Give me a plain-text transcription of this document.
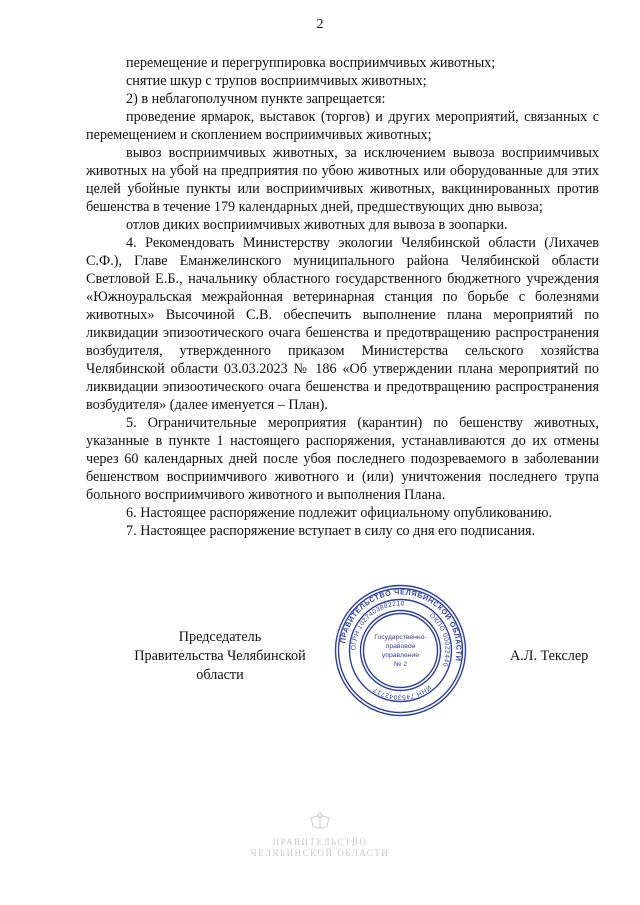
2

перемещение и перегруппировка восприимчивых животных;

снятие шкур с трупов восприимчивых животных;

2) в неблагополучном пункте запрещается:

проведение ярмарок, выставок (торгов) и других мероприятий, связанных с перемещением и скоплением восприимчивых животных;

вывоз восприимчивых животных, за исключением вывоза восприимчивых животных на убой на предприятия по убою животных или оборудованные для этих целей убойные пункты или восприимчивых животных, вакцинированных против бешенства в течение 179 календарных дней, предшествующих дню вывоза;

отлов диких восприимчивых животных для вывоза в зоопарки.

4. Рекомендовать Министерству экологии Челябинской области (Лихачев С.Ф.), Главе Еманжелинского муниципального района Челябинской области Светловой Е.Б., начальнику областного государственного бюджетного учреждения «Южноуральская межрайонная ветеринарная станция по борьбе с болезнями животных» Высочиной С.В. обеспечить выполнение плана мероприятий по ликвидации эпизоотического очага бешенства и предотвращению распространения возбудителя, утвержденного приказом Министерства сельского хозяйства Челябинской области 03.03.2023 № 186 «Об утверждении плана мероприятий по ликвидации эпизоотического очага бешенства и предотвращению распространения возбудителя» (далее именуется – План).

5. Ограничительные мероприятия (карантин) по бешенству животных, указанные в пункте 1 настоящего распоряжения, устанавливаются до их отмены через 60 календарных дней после убоя последнего подозреваемого в заболевании бешенством восприимчивого животного и (или) уничтожения последнего трупа больного восприимчивого животного и выполнения Плана.

6. Настоящее распоряжение подлежит официальному опубликованию.

7. Настоящее распоряжение вступает в силу со дня его подписания.

Председатель
Правительства Челябинской области
А.Л. Текслер
ПРАВИТЕЛЬСТВО ЧЕЛЯБИНСКОЙ ОБЛАСТИ
ОГРН 1027403882210
ОКПО 00022440
ИНН 7453042717
Государственно-
правовое
управление
№ 2
ПРАВИТЕЛЬСТВО
ЧЕЛЯБИНСКОЙ ОБЛАСТИ
